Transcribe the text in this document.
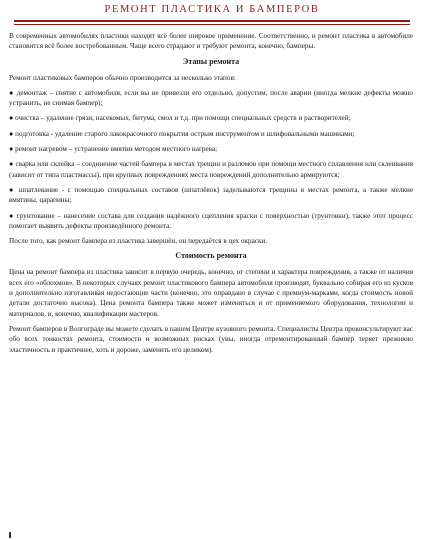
РЕМОНТ ПЛАСТИКА И БАМПЕРОВ

В современных автомобилях пластики находят всё более широкое применение. Соответственно, и ремонт пластика в автомобиле становится всё более востребованным. Чаще всего страдают и требуют ремонта, конечно, бамперы.

Этапы ремонта

Ремонт пластиковых бамперов обычно производится за несколько этапов:

● демонтаж – снятие с автомобиля, если вы не привезли его отдельно, допустим, после аварии (иногда мелкие дефекты можно устранить, не снимая бампер);

● очистка – удаление грязи, насекомых, битума, смол и т.д. при помощи специальных средств и растворителей;

● подготовка - удаление старого лакокрасочного покрытия острым инструментом и шлифовальными машинами;

● ремонт нагревом – устранение вмятин методом местного нагрева;

● сварка или склейка – соединение частей бампера в местах трещин и разломов при помощи местного сплавления или склеивания (зависит от типа пластмассы), при крупных повреждениях места повреждений дополнительно армируются;

● шпатлевание - с помощью специальных составов (шпатлёвок) заделываются трещины в местах ремонта, а также мелкие вмятины, царапины;

● грунтование – нанесение состава для создания надёжного сцепления краски с поверхностью (грунтовки), также этот процесс помогает выявить дефекты произведённого ремонта.

После того, как ремонт бампера из пластика завершён, он передаётся в цех окраски.

Стоимость ремонта

Цена на ремонт бампера из пластика зависит в первую очередь, конечно, от степени и характера повреждения, а также от наличия всех его «облохмов». В некоторых случаях ремонт пластикового бампера автомобиля производят, буквально собирая его из кусков и дополнительно изготавливая недостающие части (конечно, это оправдано в случае с премиум-марками, когда стоимость новой детали достаточно высока). Цена ремонта бампера также может изменяться и от применяемого оборудования, технологии и материалов, и, конечно, квалификации мастеров.

Ремонт бамперов в Волгограде вы можете сделать в нашем Центре кузовного ремонта. Специалисты Центра проконсультируют вас обо всех тонкостях ремонта, стоимости и возможных рисках (увы, иногда отремонтированный бампер теряет прежнюю эластичность и практичнее, хоть и дороже, заменить его целиком).
